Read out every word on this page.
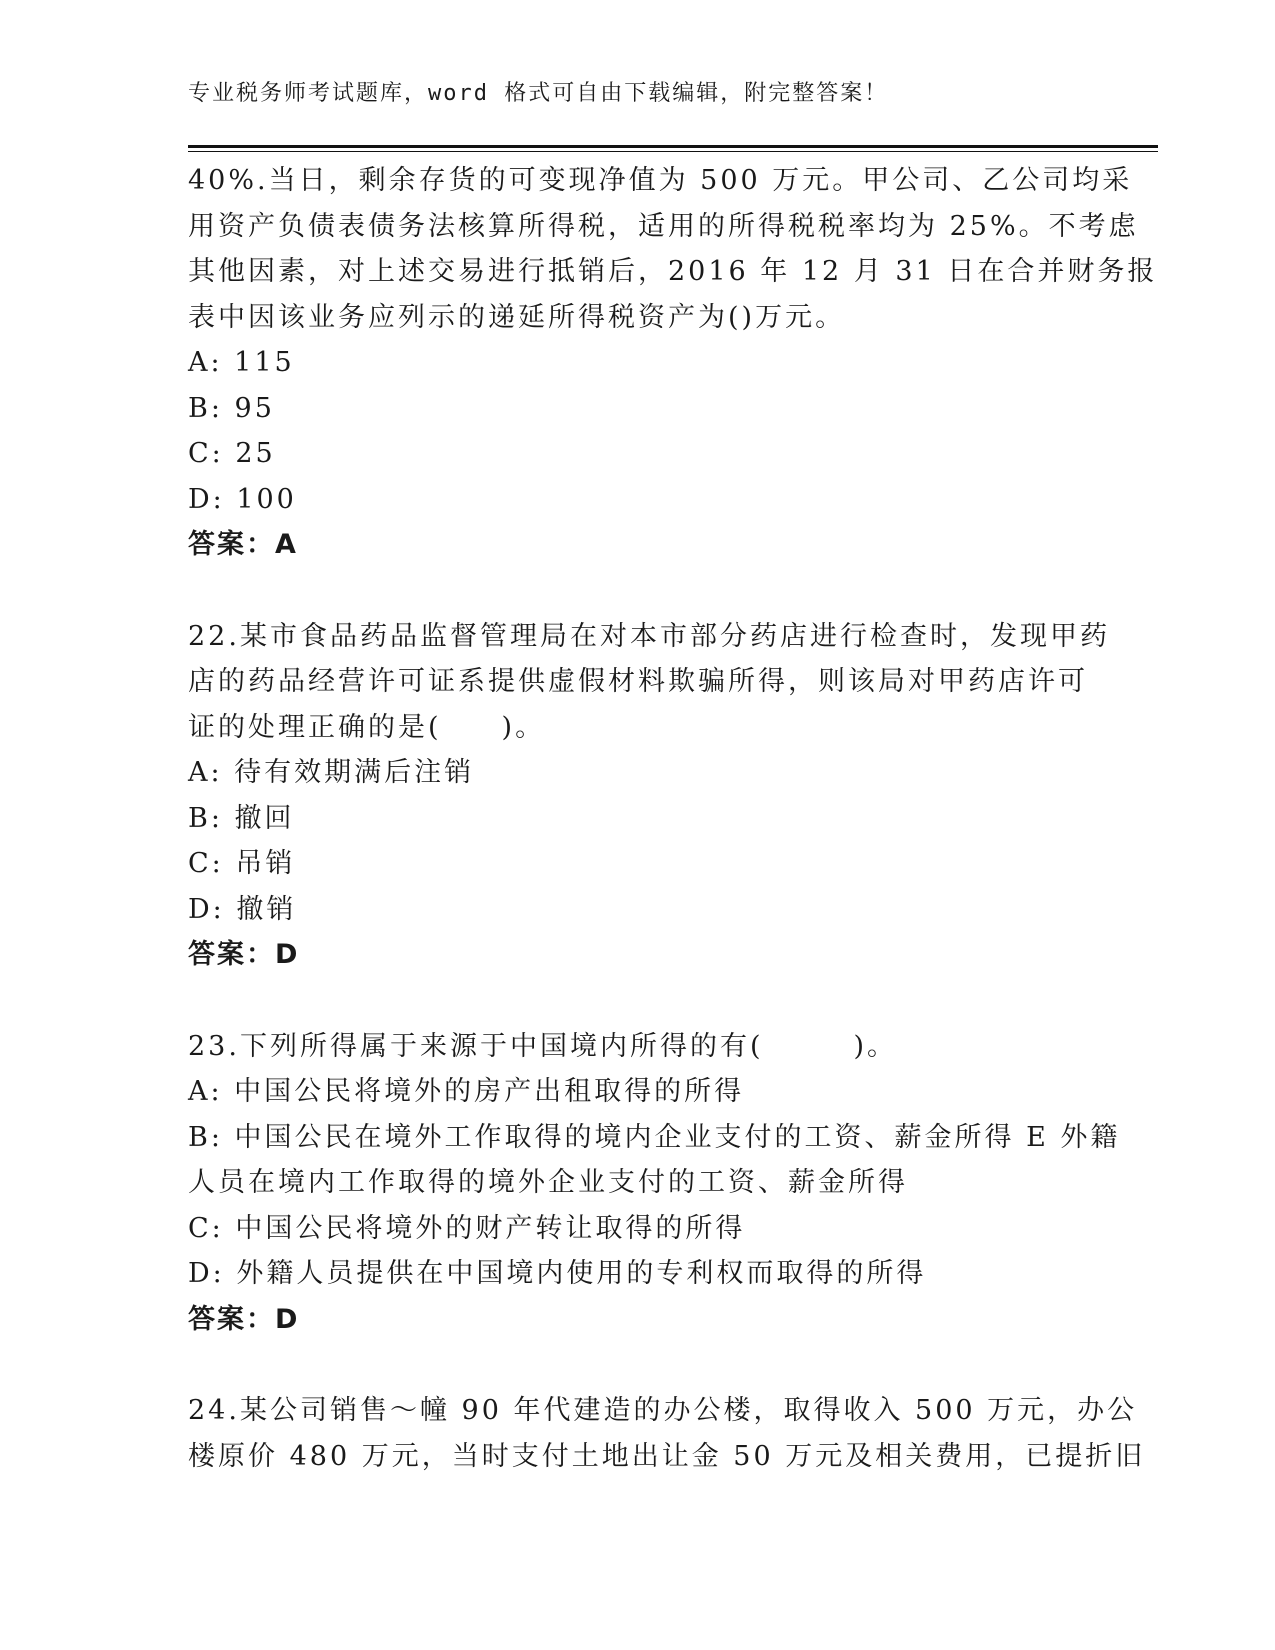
专业税务师考试题库，word 格式可自由下载编辑，附完整答案！

40%.当日，剩余存货的可变现净值为 500 万元。甲公司、乙公司均采

用资产负债表债务法核算所得税，适用的所得税税率均为 25%。不考虑

其他因素，对上述交易进行抵销后，2016 年 12 月 31 日在合并财务报

表中因该业务应列示的递延所得税资产为()万元。

A: 115

B: 95

C: 25

D: 100

答案：A

22.某市食品药品监督管理局在对本市部分药店进行检查时，发现甲药

店的药品经营许可证系提供虚假材料欺骗所得，则该局对甲药店许可

证的处理正确的是(　　)。

A: 待有效期满后注销

B: 撤回

C: 吊销

D: 撤销

答案：D

23.下列所得属于来源于中国境内所得的有(　　　)。

A: 中国公民将境外的房产出租取得的所得

B: 中国公民在境外工作取得的境内企业支付的工资、薪金所得 E 外籍

人员在境内工作取得的境外企业支付的工资、薪金所得

C: 中国公民将境外的财产转让取得的所得

D: 外籍人员提供在中国境内使用的专利权而取得的所得

答案：D

24.某公司销售～幢 90 年代建造的办公楼，取得收入 500 万元，办公

楼原价 480 万元，当时支付土地出让金 50 万元及相关费用，已提折旧
